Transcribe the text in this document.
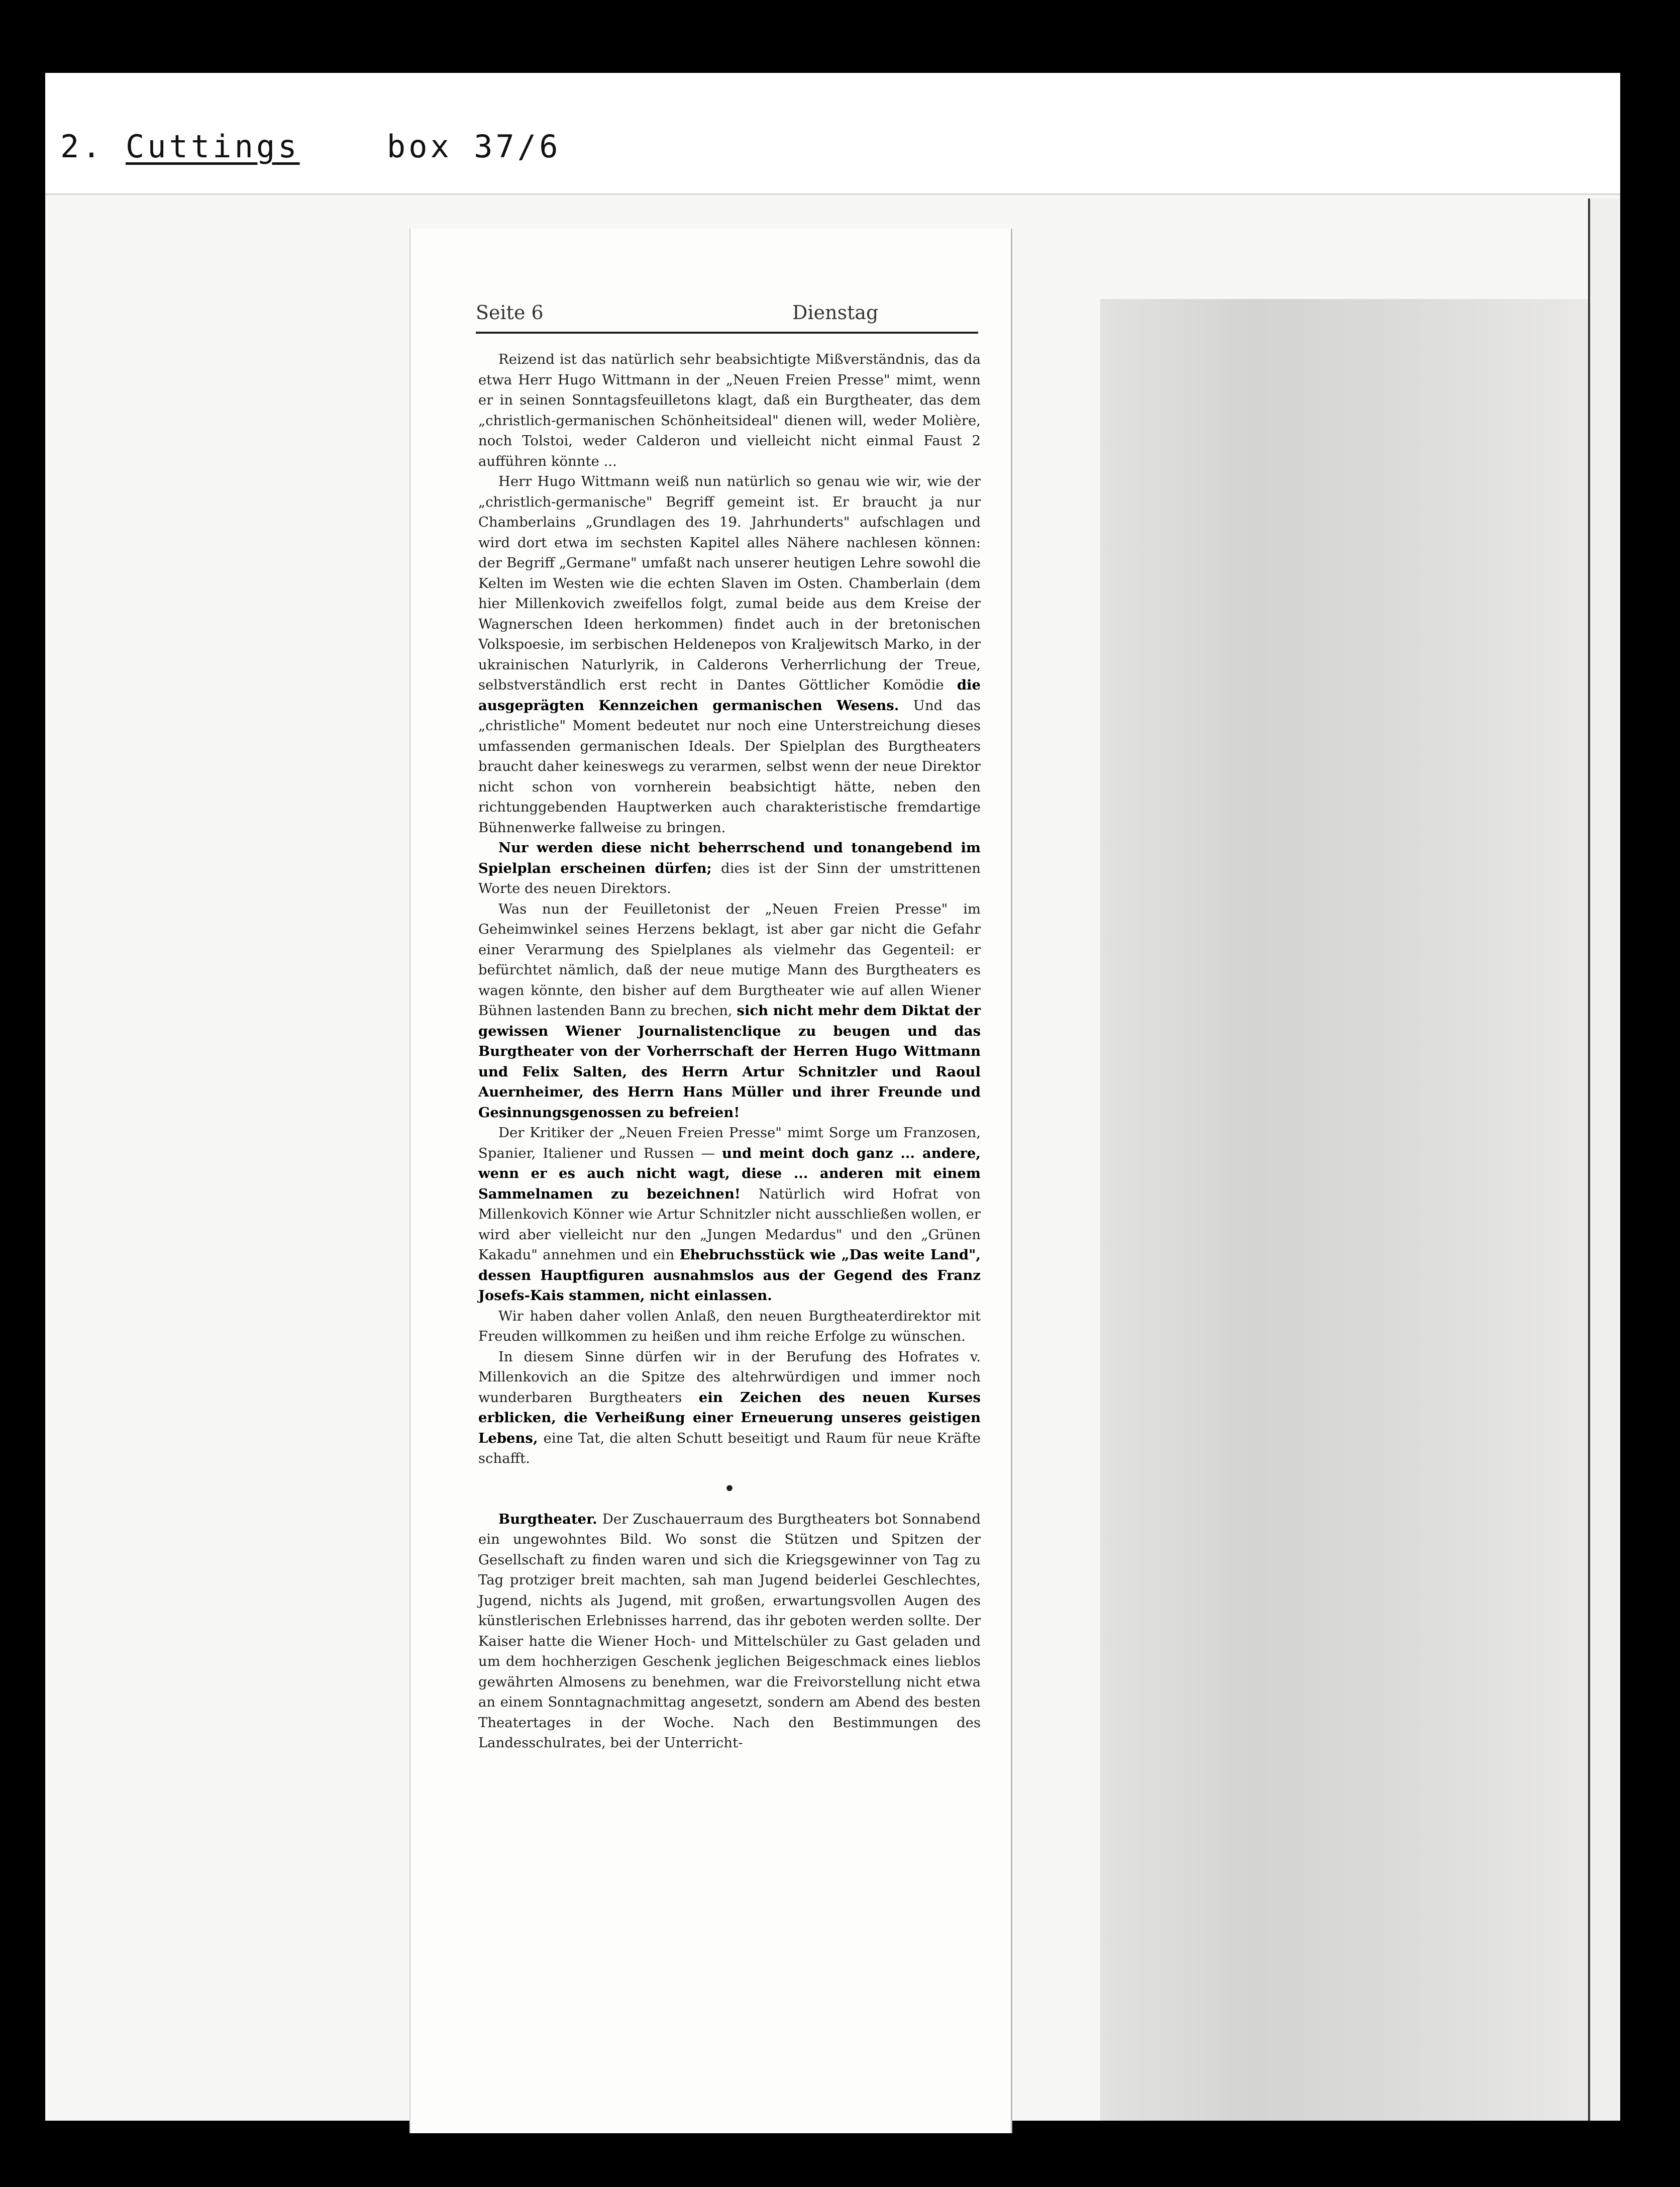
2. Cuttings	box 37/6
Seite 6	Dienstag

Reizend ist das natürlich sehr beabsichtigte Mißverständnis, das da etwa Herr Hugo Wittmann in der „Neuen Freien Presse" mimt, wenn er in seinen Sonntagsfeuilletons klagt, daß ein Burgtheater, das dem „christlich-germanischen Schönheitsideal" dienen will, weder Molière, noch Tolstoi, weder Calderon und vielleicht nicht einmal Faust 2 aufführen könnte ...

Herr Hugo Wittmann weiß nun natürlich so genau wie wir, wie der „christlich-germanische" Begriff gemeint ist. Er braucht ja nur Chamberlains „Grundlagen des 19. Jahrhunderts" aufschlagen und wird dort etwa im sechsten Kapitel alles Nähere nachlesen können: der Begriff „Germane" umfaßt nach unserer heutigen Lehre sowohl die Kelten im Westen wie die echten Slaven im Osten. Chamberlain (dem hier Millenkovich zweifellos folgt, zumal beide aus dem Kreise der Wagnerschen Ideen herkommen) findet auch in der bretonischen Volkspoesie, im serbischen Heldenepos von Kraljewitsch Marko, in der ukrainischen Naturlyrik, in Calderons Verherrlichung der Treue, selbstverständlich erst recht in Dantes Göttlicher Komödie die ausgeprägten Kennzeichen germanischen Wesens. Und das „christliche" Moment bedeutet nur noch eine Unterstreichung dieses umfassenden germanischen Ideals. Der Spielplan des Burgtheaters braucht daher keineswegs zu verarmen, selbst wenn der neue Direktor nicht schon von vornherein beabsichtigt hätte, neben den richtunggebenden Hauptwerken auch charakteristische fremdartige Bühnenwerke fallweise zu bringen.

Nur werden diese nicht beherrschend und tonangebend im Spielplan erscheinen dürfen; dies ist der Sinn der umstrittenen Worte des neuen Direktors.

Was nun der Feuilletonist der „Neuen Freien Presse" im Geheimwinkel seines Herzens beklagt, ist aber gar nicht die Gefahr einer Verarmung des Spielplanes als vielmehr das Gegenteil: er befürchtet nämlich, daß der neue mutige Mann des Burgtheaters es wagen könnte, den bisher auf dem Burgtheater wie auf allen Wiener Bühnen lastenden Bann zu brechen, sich nicht mehr dem Diktat der gewissen Wiener Journalistenclique zu beugen und das Burgtheater von der Vorherrschaft der Herren Hugo Wittmann und Felix Salten, des Herrn Artur Schnitzler und Raoul Auernheimer, des Herrn Hans Müller und ihrer Freunde und Gesinnungsgenossen zu befreien!

Der Kritiker der „Neuen Freien Presse" mimt Sorge um Franzosen, Spanier, Italiener und Russen — und meint doch ganz ... andere, wenn er es auch nicht wagt, diese ... anderen mit einem Sammelnamen zu bezeichnen! Natürlich wird Hofrat von Millenkovich Könner wie Artur Schnitzler nicht ausschließen wollen, er wird aber vielleicht nur den „Jungen Medardus" und den „Grünen Kakadu" annehmen und ein Ehebruchsstück wie „Das weite Land", dessen Hauptfiguren ausnahmslos aus der Gegend des Franz Josefs-Kais stammen, nicht einlassen.

Wir haben daher vollen Anlaß, den neuen Burgtheaterdirektor mit Freuden willkommen zu heißen und ihm reiche Erfolge zu wünschen.

In diesem Sinne dürfen wir in der Berufung des Hofrates v. Millenkovich an die Spitze des altehrwürdigen und immer noch wunderbaren Burgtheaters ein Zeichen des neuen Kurses erblicken, die Verheißung einer Erneuerung unseres geistigen Lebens, eine Tat, die alten Schutt beseitigt und Raum für neue Kräfte schafft.

•

Burgtheater. Der Zuschauerraum des Burgtheaters bot Sonnabend ein ungewohntes Bild. Wo sonst die Stützen und Spitzen der Gesellschaft zu finden waren und sich die Kriegsgewinner von Tag zu Tag protziger breit machten, sah man Jugend beiderlei Geschlechtes, Jugend, nichts als Jugend, mit großen, erwartungsvollen Augen des künstlerischen Erlebnisses harrend, das ihr geboten werden sollte. Der Kaiser hatte die Wiener Hoch- und Mittelschüler zu Gast geladen und um dem hochherzigen Geschenk jeglichen Beigeschmack eines lieblos gewährten Almosens zu benehmen, war die Freivorstellung nicht etwa an einem Sonntagnachmittag angesetzt, sondern am Abend des besten Theatertages in der Woche. Nach den Bestimmungen des Landesschulrates, bei der Unterricht-
